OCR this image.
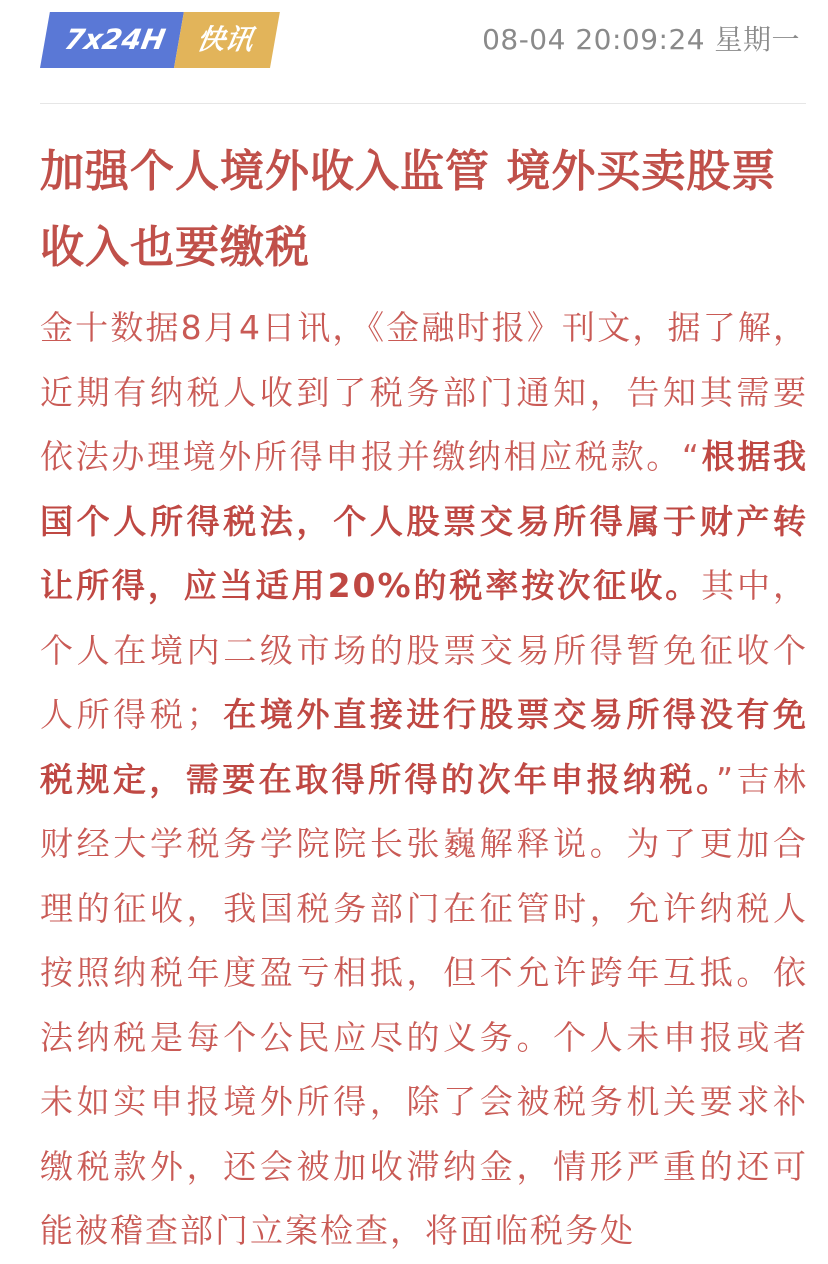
7x24H 快讯	08-04 20:09:24 星期一
加强个人境外收入监管 境外买卖股票收入也要缴税

金十数据8月4日讯，《金融时报》刊文，据了解，近期有纳税人收到了税务部门通知，告知其需要依法办理境外所得申报并缴纳相应税款。“根据我国个人所得税法，个人股票交易所得属于财产转让所得，应当适用20%的税率按次征收。其中，个人在境内二级市场的股票交易所得暂免征收个人所得税；在境外直接进行股票交易所得没有免税规定，需要在取得所得的次年申报纳税。”吉林财经大学税务学院院长张巍解释说。为了更加合理的征收，我国税务部门在征管时，允许纳税人按照纳税年度盈亏相抵，但不允许跨年互抵。依法纳税是每个公民应尽的义务。个人未申报或者未如实申报境外所得，除了会被税务机关要求补缴税款外，还会被加收滞纳金，情形严重的还可能被稽查部门立案检查，将面临税务处
